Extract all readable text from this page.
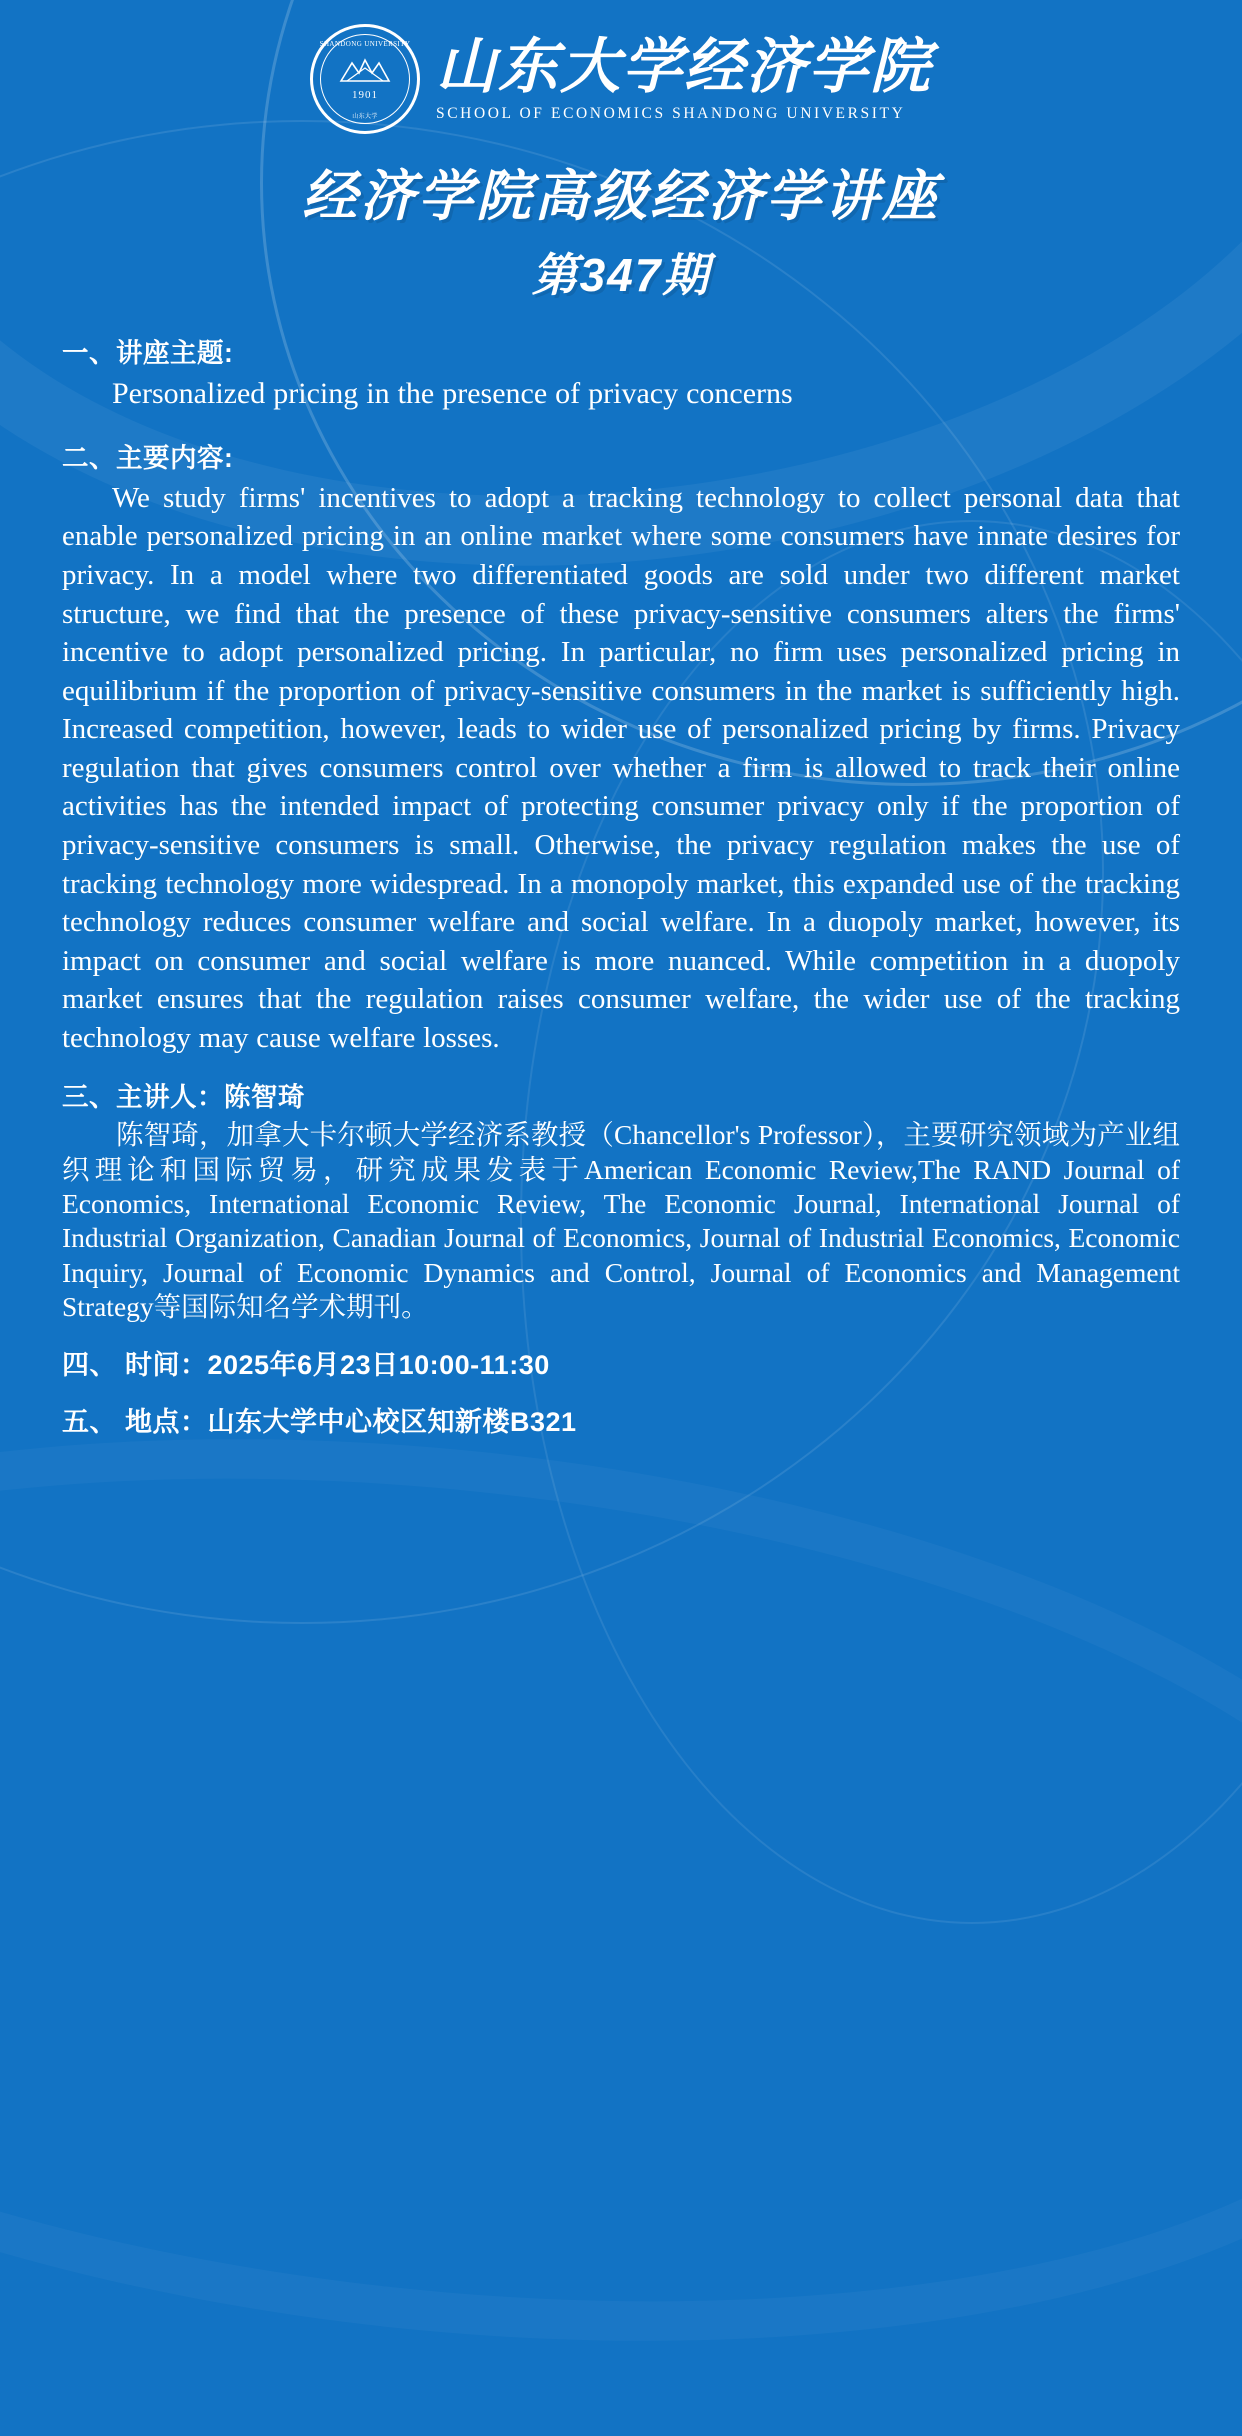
SHANDONG UNIVERSITY
1901
山东大学
山东大学经济学院
SCHOOL OF ECONOMICS SHANDONG UNIVERSITY
经济学院高级经济学讲座
第347期
一、讲座主题:
Personalized pricing in the presence of privacy concerns
二、主要内容:
We study firms' incentives to adopt a tracking technology to collect personal data that enable personalized pricing in an online market where some consumers have innate desires for privacy. In a model where two differentiated goods are sold under two different market structure, we find that the presence of these privacy‑sensitive consumers alters the firms' incentive to adopt personalized pricing. In particular, no firm uses personalized pricing in equilibrium if the proportion of privacy‑sensitive consumers in the market is sufficiently high. Increased competition, however, leads to wider use of personalized pricing by firms. Privacy regulation that gives consumers control over whether a firm is allowed to track their online activities has the intended impact of protecting consumer privacy only if the proportion of privacy‑sensitive consumers is small. Otherwise, the privacy regulation makes the use of tracking technology more widespread. In a monopoly market, this expanded use of the tracking technology reduces consumer welfare and social welfare. In a duopoly market, however, its impact on consumer and social welfare is more nuanced. While competition in a duopoly market ensures that the regulation raises consumer welfare, the wider use of the tracking technology may cause welfare losses.
三、主讲人：陈智琦
陈智琦，加拿大卡尔顿大学经济系教授（Chancellor's Professor），主要研究领域为产业组织理论和国际贸易，研究成果发表于American Economic Review,The RAND Journal of Economics, International Economic Review, The Economic Journal, International Journal of Industrial Organization, Canadian Journal of Economics, Journal of Industrial Economics, Economic Inquiry, Journal of Economic Dynamics and Control, Journal of Economics and Management Strategy等国际知名学术期刊。
四、 时间：2025年6月23日10:00-11:30
五、 地点：山东大学中心校区知新楼B321
